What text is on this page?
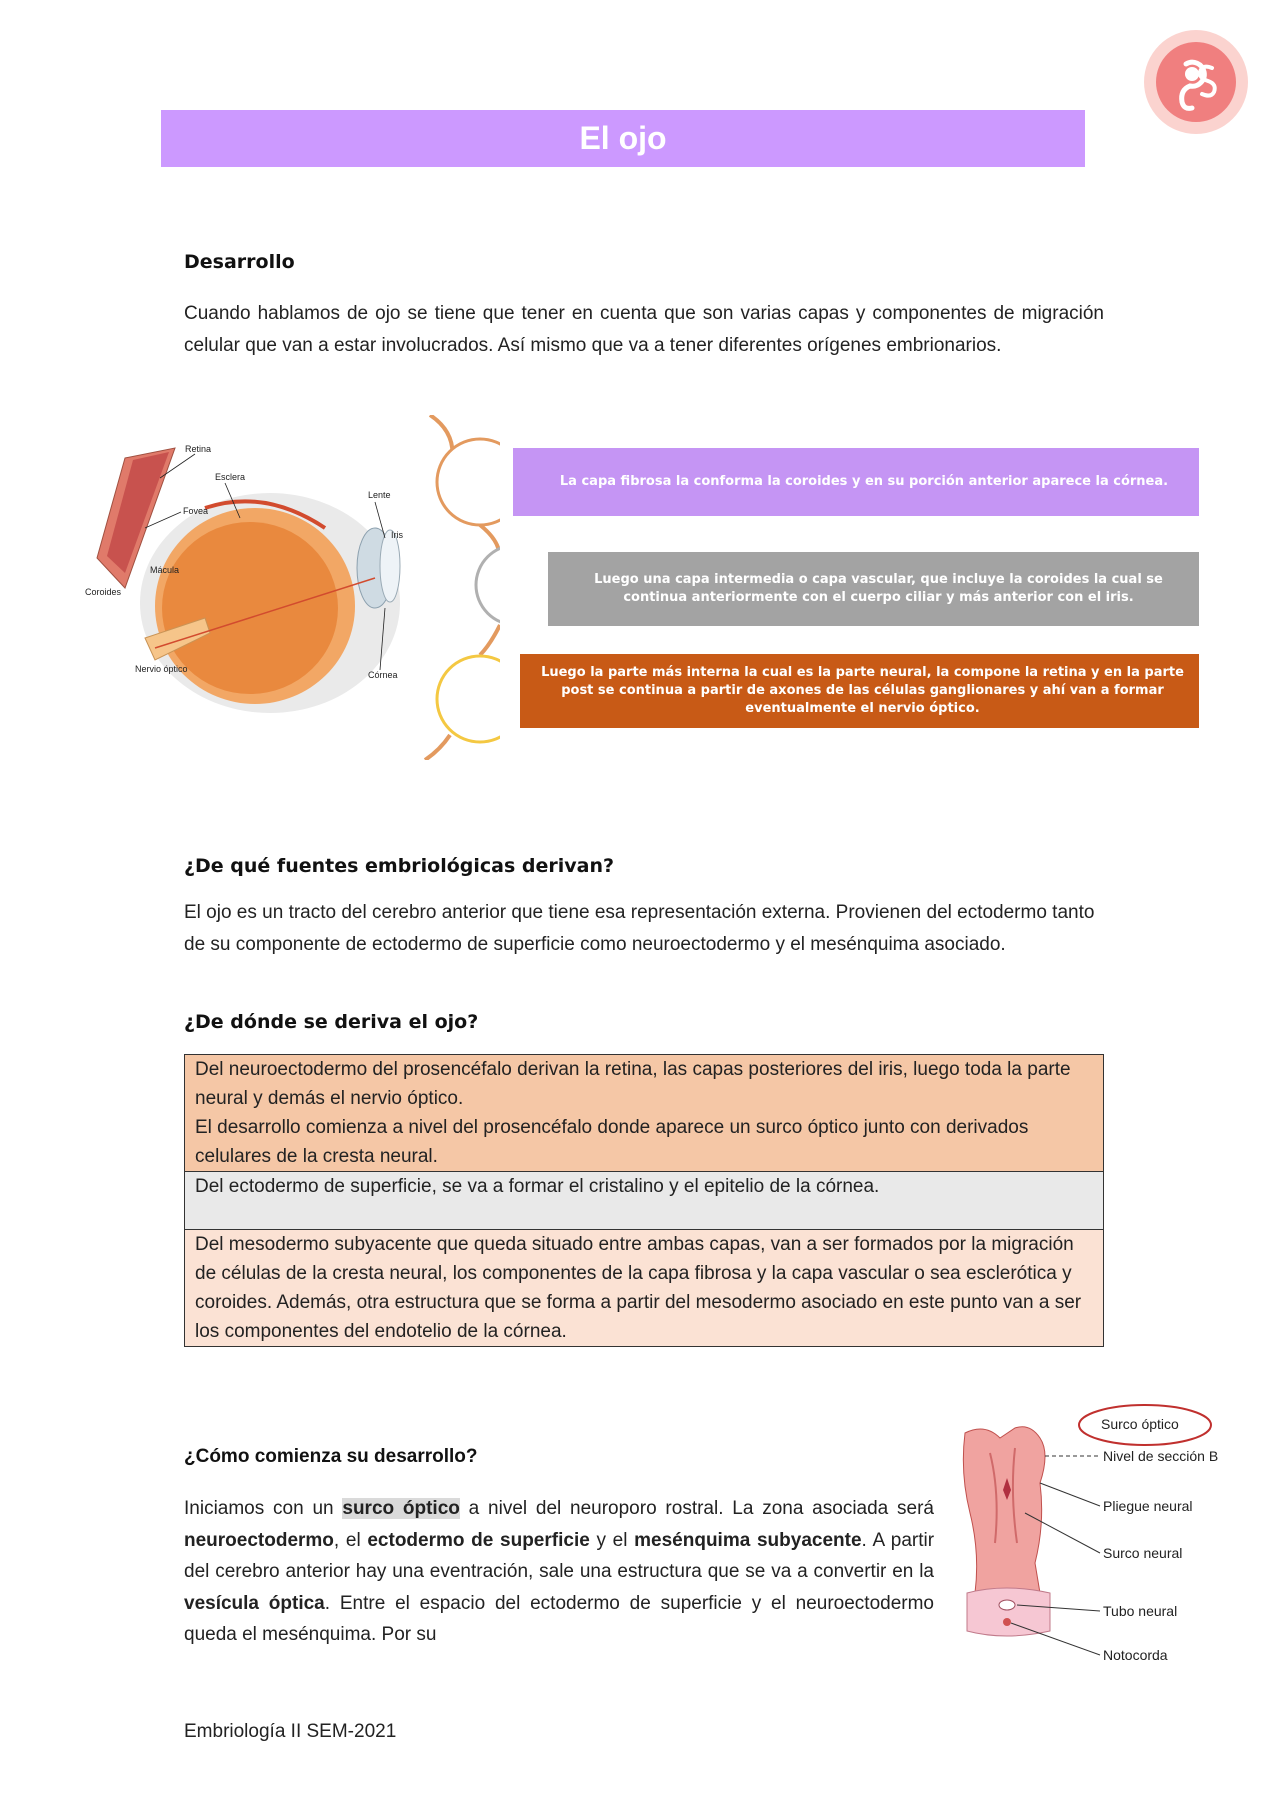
El ojo
Desarrollo
Cuando hablamos de ojo se tiene que tener en cuenta que son varias capas y componentes de migración celular que van a estar involucrados. Así mismo que va a tener diferentes orígenes embrionarios.
Retina
Esclera
Fovea
Mácula
Coroides
Nervio óptico
Lente
Iris
Córnea
La capa fibrosa la conforma la coroides y en su porción anterior aparece la córnea.
Luego una capa intermedia o capa vascular, que incluye la coroides la cual se continua anteriormente con el cuerpo ciliar y más anterior con el iris.
Luego la parte más interna la cual es la parte neural, la compone la retina y en la parte post se continua a partir de axones de las células ganglionares y ahí van a formar eventualmente el nervio óptico.
¿De qué fuentes embriológicas derivan?
El ojo es un tracto del cerebro anterior que tiene esa representación externa. Provienen del ectodermo tanto de su componente de ectodermo de superficie como neuroectodermo y el mesénquima asociado.
¿De dónde se deriva el ojo?
Del neuroectodermo del prosencéfalo derivan la retina, las capas posteriores del iris, luego toda la parte neural y demás el nervio óptico.
El desarrollo comienza a nivel del prosencéfalo donde aparece un surco óptico junto con derivados celulares de la cresta neural.

Del ectodermo de superficie, se va a formar el cristalino y el epitelio de la córnea.
Del mesodermo subyacente que queda situado entre ambas capas, van a ser formados por la migración de células de la cresta neural, los componentes de la capa fibrosa y la capa vascular o sea esclerótica y coroides. Además, otra estructura que se forma a partir del mesodermo asociado en este punto van a ser los componentes del endotelio de la córnea.
¿Cómo comienza su desarrollo?
Iniciamos con un surco óptico a nivel del neuroporo rostral. La zona asociada será neuroectodermo, el ectodermo de superficie y el mesénquima subyacente. A partir del cerebro anterior hay una eventración, sale una estructura que se va a convertir en la vesícula óptica. Entre el espacio del ectodermo de superficie y el neuroectodermo queda el mesénquima. Por su
Surco óptico
Nivel de sección B
Pliegue neural
Surco neural
Tubo neural
Notocorda
Embriología II SEM-2021
